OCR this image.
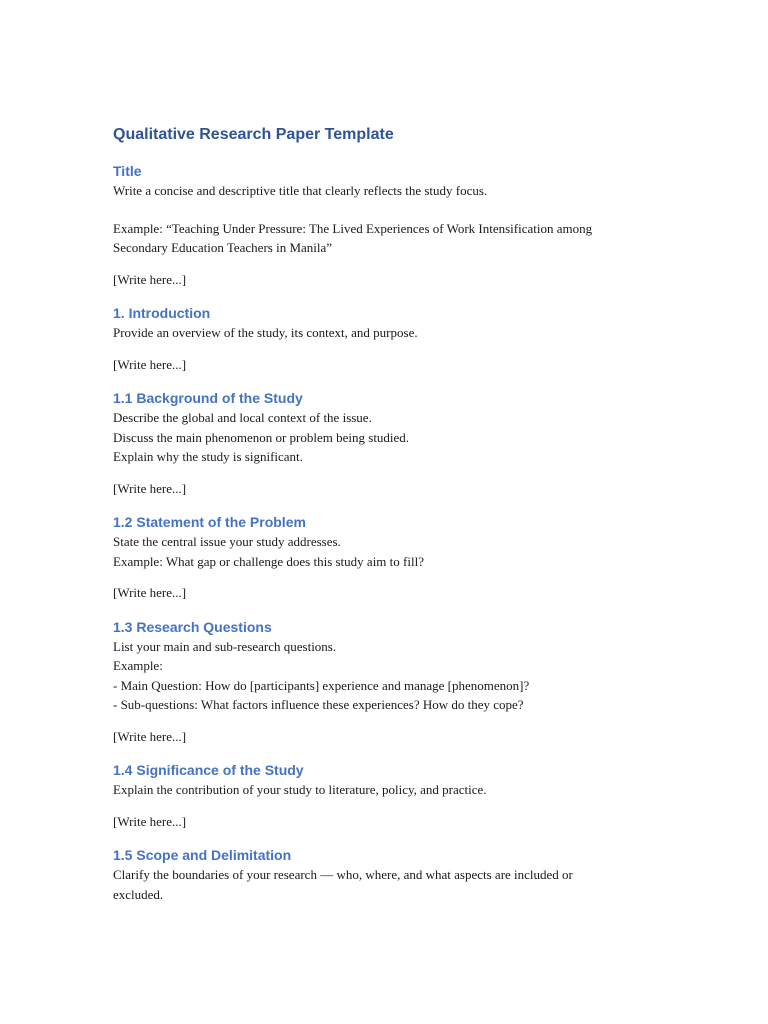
Qualitative Research Paper Template
Title

Write a concise and descriptive title that clearly reflects the study focus.

Example: “Teaching Under Pressure: The Lived Experiences of Work Intensification among

Secondary Education Teachers in Manila”

[Write here...]

1. Introduction

Provide an overview of the study, its context, and purpose.

[Write here...]

1.1 Background of the Study

Describe the global and local context of the issue.

Discuss the main phenomenon or problem being studied.

Explain why the study is significant.

[Write here...]

1.2 Statement of the Problem

State the central issue your study addresses.

Example: What gap or challenge does this study aim to fill?

[Write here...]

1.3 Research Questions

List your main and sub-research questions.

Example:

- Main Question: How do [participants] experience and manage [phenomenon]?

- Sub-questions: What factors influence these experiences? How do they cope?

[Write here...]

1.4 Significance of the Study

Explain the contribution of your study to literature, policy, and practice.

[Write here...]

1.5 Scope and Delimitation

Clarify the boundaries of your research — who, where, and what aspects are included or

excluded.
